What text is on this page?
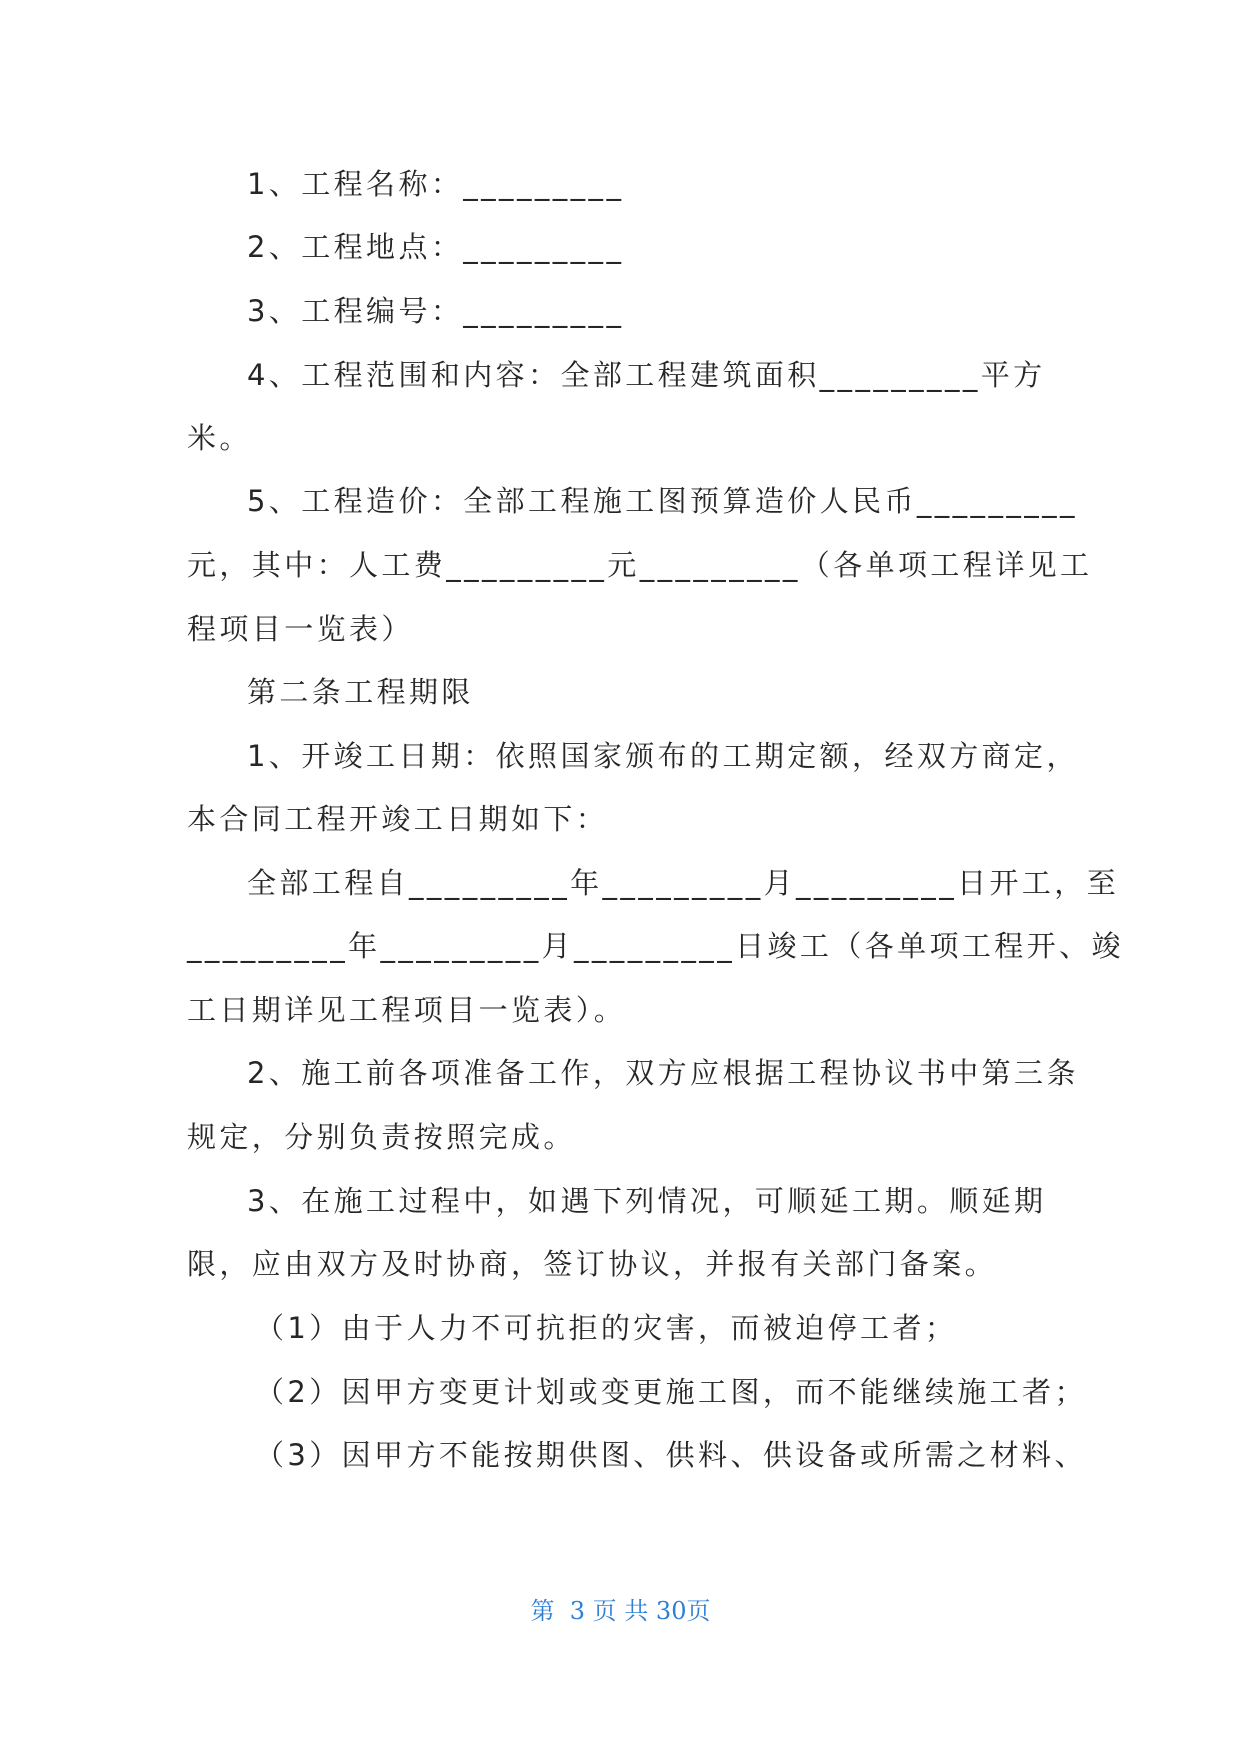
1、工程名称：_________
2、工程地点：_________
3、工程编号：_________
4、工程范围和内容：全部工程建筑面积_________平方
米。
5、工程造价：全部工程施工图预算造价人民币_________
元，其中：人工费_________元_________（各单项工程详见工
程项目一览表）
第二条工程期限
1、开竣工日期：依照国家颁布的工期定额，经双方商定，
本合同工程开竣工日期如下：
全部工程自_________年_________月_________日开工，至
_________年_________月_________日竣工（各单项工程开、竣
工日期详见工程项目一览表）。
2、施工前各项准备工作，双方应根据工程协议书中第三条
规定，分别负责按照完成。
3、在施工过程中，如遇下列情况，可顺延工期。顺延期
限，应由双方及时协商，签订协议，并报有关部门备案。
（1）由于人力不可抗拒的灾害，而被迫停工者；
（2）因甲方变更计划或变更施工图，而不能继续施工者；
（3）因甲方不能按期供图、供料、供设备或所需之材料、
第  3 页 共 30页
